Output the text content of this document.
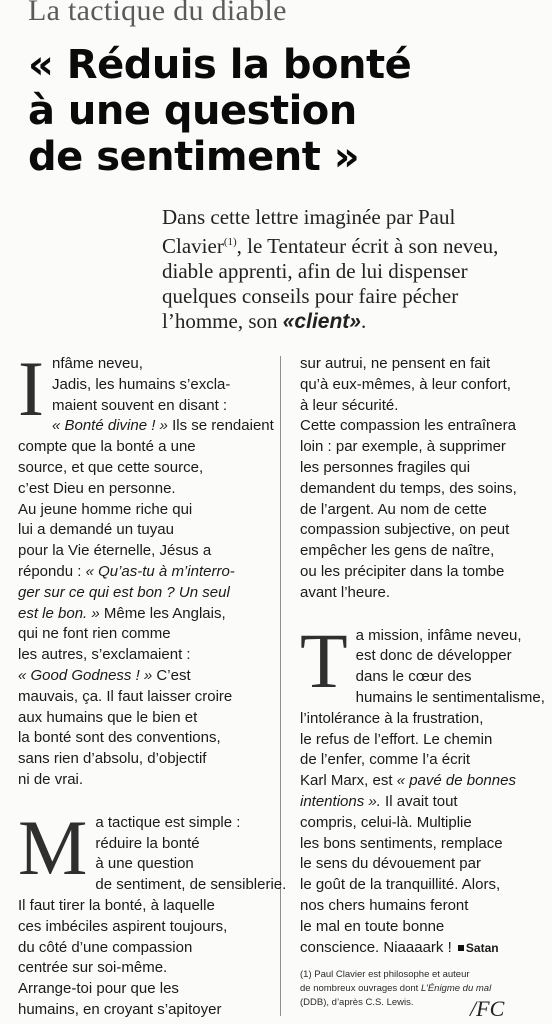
La tactique du diable
« Réduis la bonté
à une question
de sentiment »
Dans cette lettre imaginée par Paul
Clavier$^{(1)}$, le Tentateur écrit à son neveu,
diable apprenti, afin de lui dispenser
quelques conseils pour faire pécher
l’homme, son «client».
I nfâme neveu,
Jadis, les humains s’excla-
maient souvent en disant :
« Bonté divine ! » Ils se rendaient
compte que la bonté a une
source, et que cette source,
c’est Dieu en personne.
Au jeune homme riche qui
lui a demandé un tuyau
pour la Vie éternelle, Jésus a
répondu : « Qu’as-tu à m’interro-
ger sur ce qui est bon ? Un seul
est le bon. » Même les Anglais,
qui ne font rien comme
les autres, s’exclamaient :
« Good Godness ! » C’est
mauvais, ça. Il faut laisser croire
aux humains que le bien et
la bonté sont des conventions,
sans rien d’absolu, d’objectif
ni de vrai.
M a tactique est simple :
réduire la bonté
à une question
de sentiment, de sensiblerie.
Il faut tirer la bonté, à laquelle
ces imbéciles aspirent toujours,
du côté d’une compassion
centrée sur soi-même.
Arrange-toi pour que les
humains, en croyant s’apitoyer
sur autrui, ne pensent en fait
qu’à eux-mêmes, à leur confort,
à leur sécurité.
Cette compassion les entraînera
loin : par exemple, à supprimer
les personnes fragiles qui
demandent du temps, des soins,
de l’argent. Au nom de cette
compassion subjective, on peut
empêcher les gens de naître,
ou les précipiter dans la tombe
avant l’heure.
T a mission, infâme neveu,
est donc de développer
dans le cœur des
humains le sentimentalisme,
l’intolérance à la frustration,
le refus de l’effort. Le chemin
de l’enfer, comme l’a écrit
Karl Marx, est « pavé de bonnes
intentions ». Il avait tout
compris, celui-là. Multiplie
les bons sentiments, remplace
le sens du dévouement par
le goût de la tranquillité. Alors,
nos chers humains feront
le mal en toute bonne
conscience. Niaaaark ! Satan
(1) Paul Clavier est philosophe et auteur
de nombreux ouvrages dont L’Énigme du mal
(DDB), d’après C.S. Lewis.	/FC
